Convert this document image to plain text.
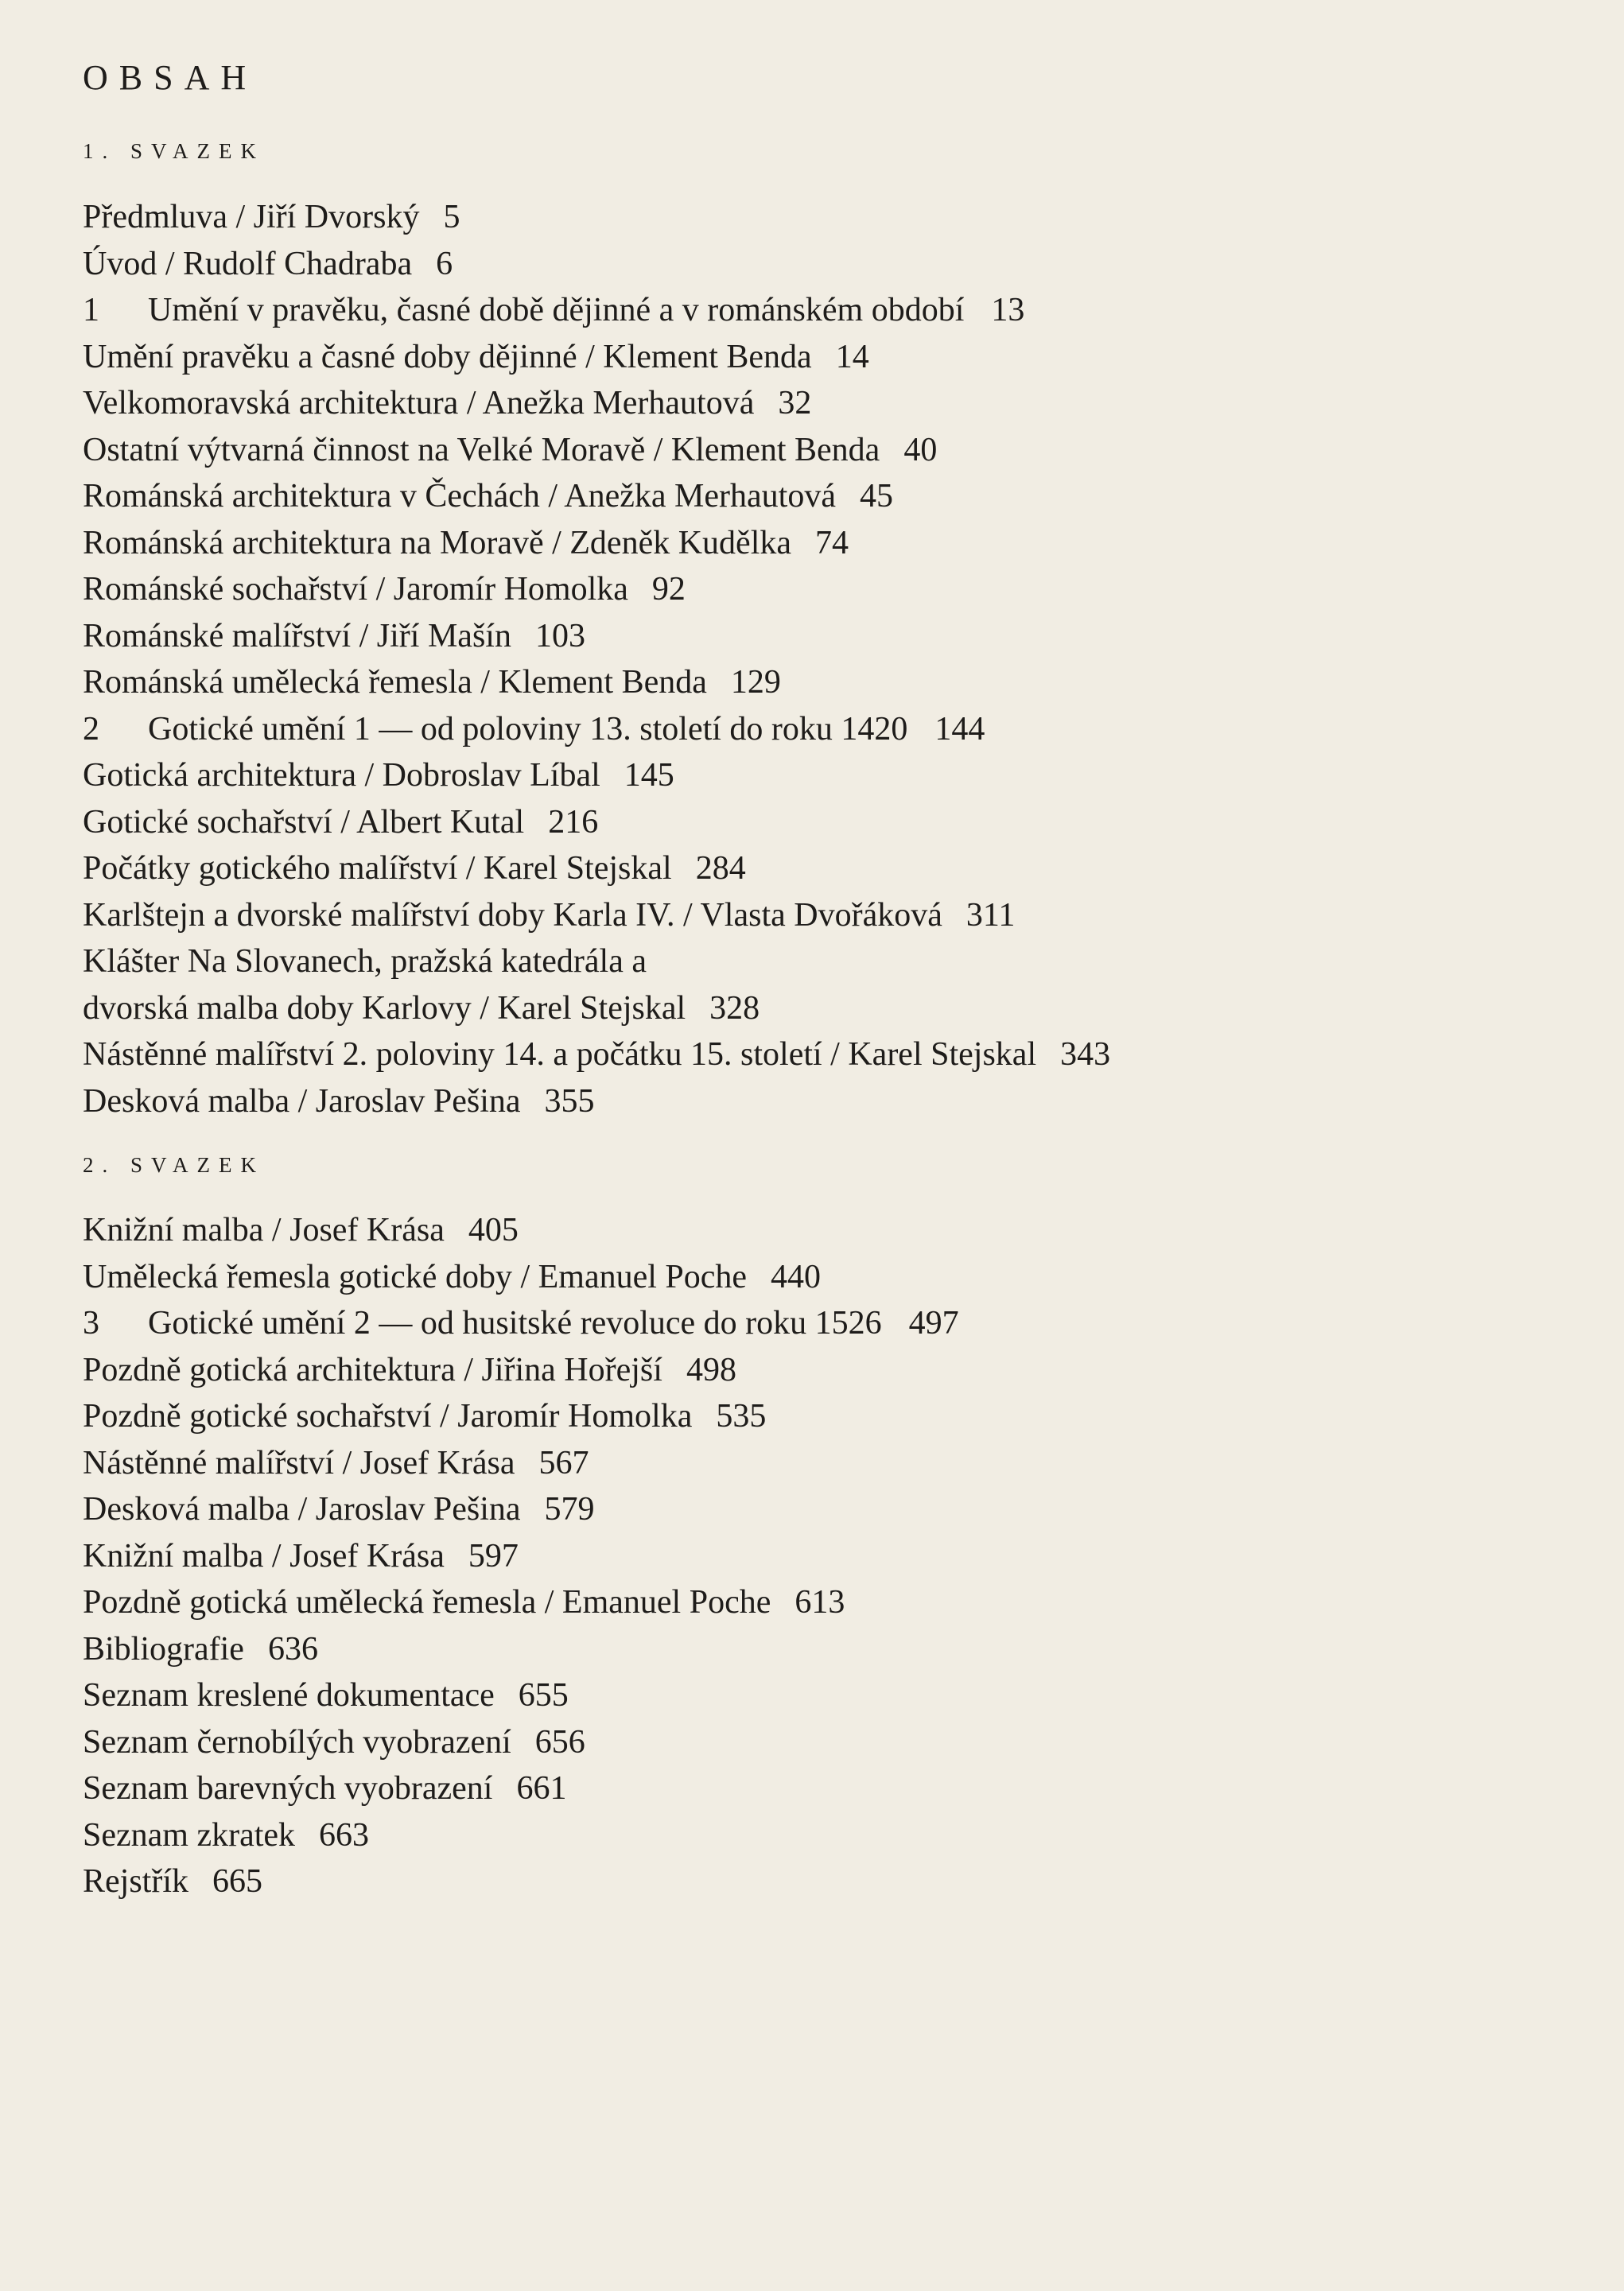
OBSAH
1. SVAZEK
Předmluva / Jiří Dvorský 5
Úvod / Rudolf Chadraba 6
1 Umění v pravěku, časné době dějinné a v románském období 13
Umění pravěku a časné doby dějinné / Klement Benda 14
Velkomoravská architektura / Anežka Merhautová 32
Ostatní výtvarná činnost na Velké Moravě / Klement Benda 40
Románská architektura v Čechách / Anežka Merhautová 45
Románská architektura na Moravě / Zdeněk Kudělka 74
Románské sochařství / Jaromír Homolka 92
Románské malířství / Jiří Mašín 103
Románská umělecká řemesla / Klement Benda 129
2 Gotické umění 1 — od poloviny 13. století do roku 1420 144
Gotická architektura / Dobroslav Líbal 145
Gotické sochařství / Albert Kutal 216
Počátky gotického malířství / Karel Stejskal 284
Karlštejn a dvorské malířství doby Karla IV. / Vlasta Dvořáková 311
Klášter Na Slovanech, pražská katedrála a
dvorská malba doby Karlovy / Karel Stejskal 328
Nástěnné malířství 2. poloviny 14. a počátku 15. století / Karel Stejskal 343
Desková malba / Jaroslav Pešina 355
2. SVAZEK
Knižní malba / Josef Krása 405
Umělecká řemesla gotické doby / Emanuel Poche 440
3 Gotické umění 2 — od husitské revoluce do roku 1526 497
Pozdně gotická architektura / Jiřina Hořejší 498
Pozdně gotické sochařství / Jaromír Homolka 535
Nástěnné malířství / Josef Krása 567
Desková malba / Jaroslav Pešina 579
Knižní malba / Josef Krása 597
Pozdně gotická umělecká řemesla / Emanuel Poche 613
Bibliografie 636
Seznam kreslené dokumentace 655
Seznam černobílých vyobrazení 656
Seznam barevných vyobrazení 661
Seznam zkratek 663
Rejstřík 665
